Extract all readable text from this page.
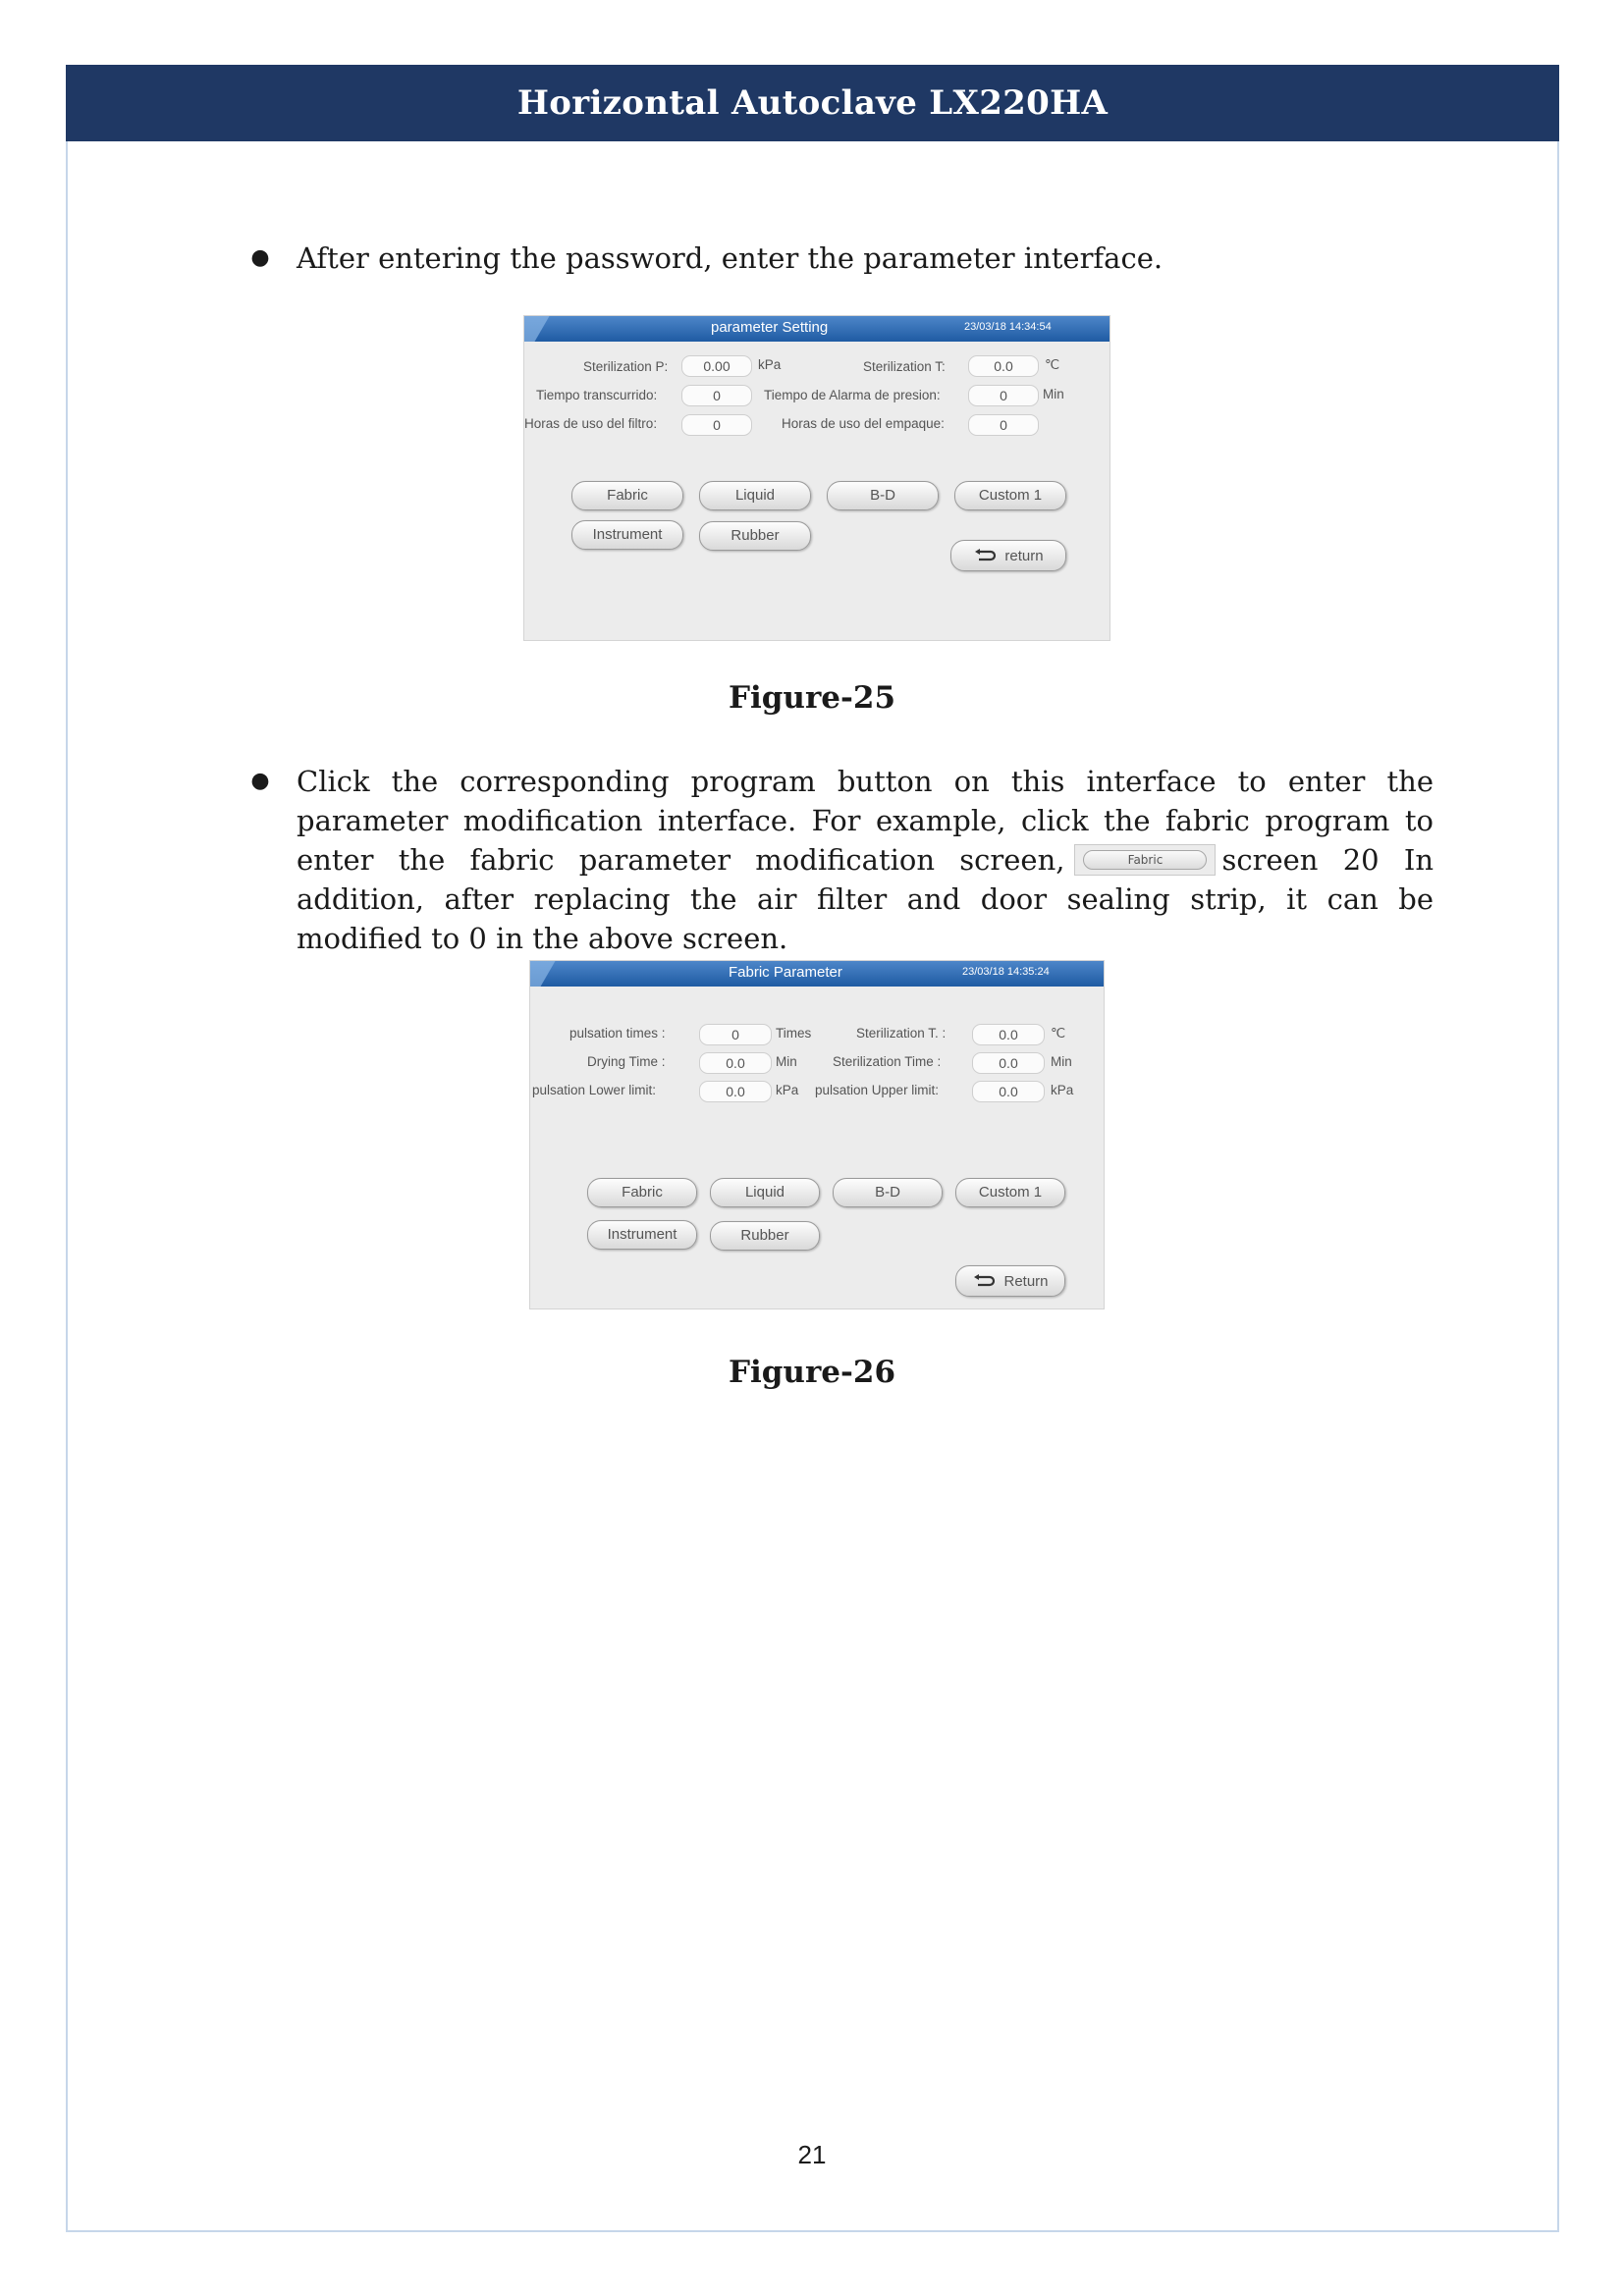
Horizontal Autoclave LX220HA
● After entering the password, enter the parameter interface.
parameter Setting	23/03/18 14:34:54
Sterilization P:	0.00	kPa	Sterilization T:	0.0	℃
Tiempo transcurrido:	0	Tiempo de Alarma de presion:	0	Min
Horas de uso del filtro:	0	Horas de uso del empaque:	0
Fabric	Liquid	B-D	Custom 1
Instrument	Rubber
return
Figure-25
● Click the corresponding program button on this interface to enter the parameter modification interface. For example, click the fabric program to enter the fabric parameter modification screen,	Fabric	screen 20 In addition, after replacing the air filter and door sealing strip, it can be modified to 0 in the above screen.
Fabric Parameter	23/03/18 14:35:24
pulsation times :	0	Times	Sterilization T. :	0.0	℃
Drying Time :	0.0	Min	Sterilization Time :	0.0	Min
pulsation Lower limit:	0.0	kPa pulsation Upper limit:	0.0	kPa
Fabric	Liquid	B-D	Custom 1
Instrument	Rubber
Return
Figure-26
21
